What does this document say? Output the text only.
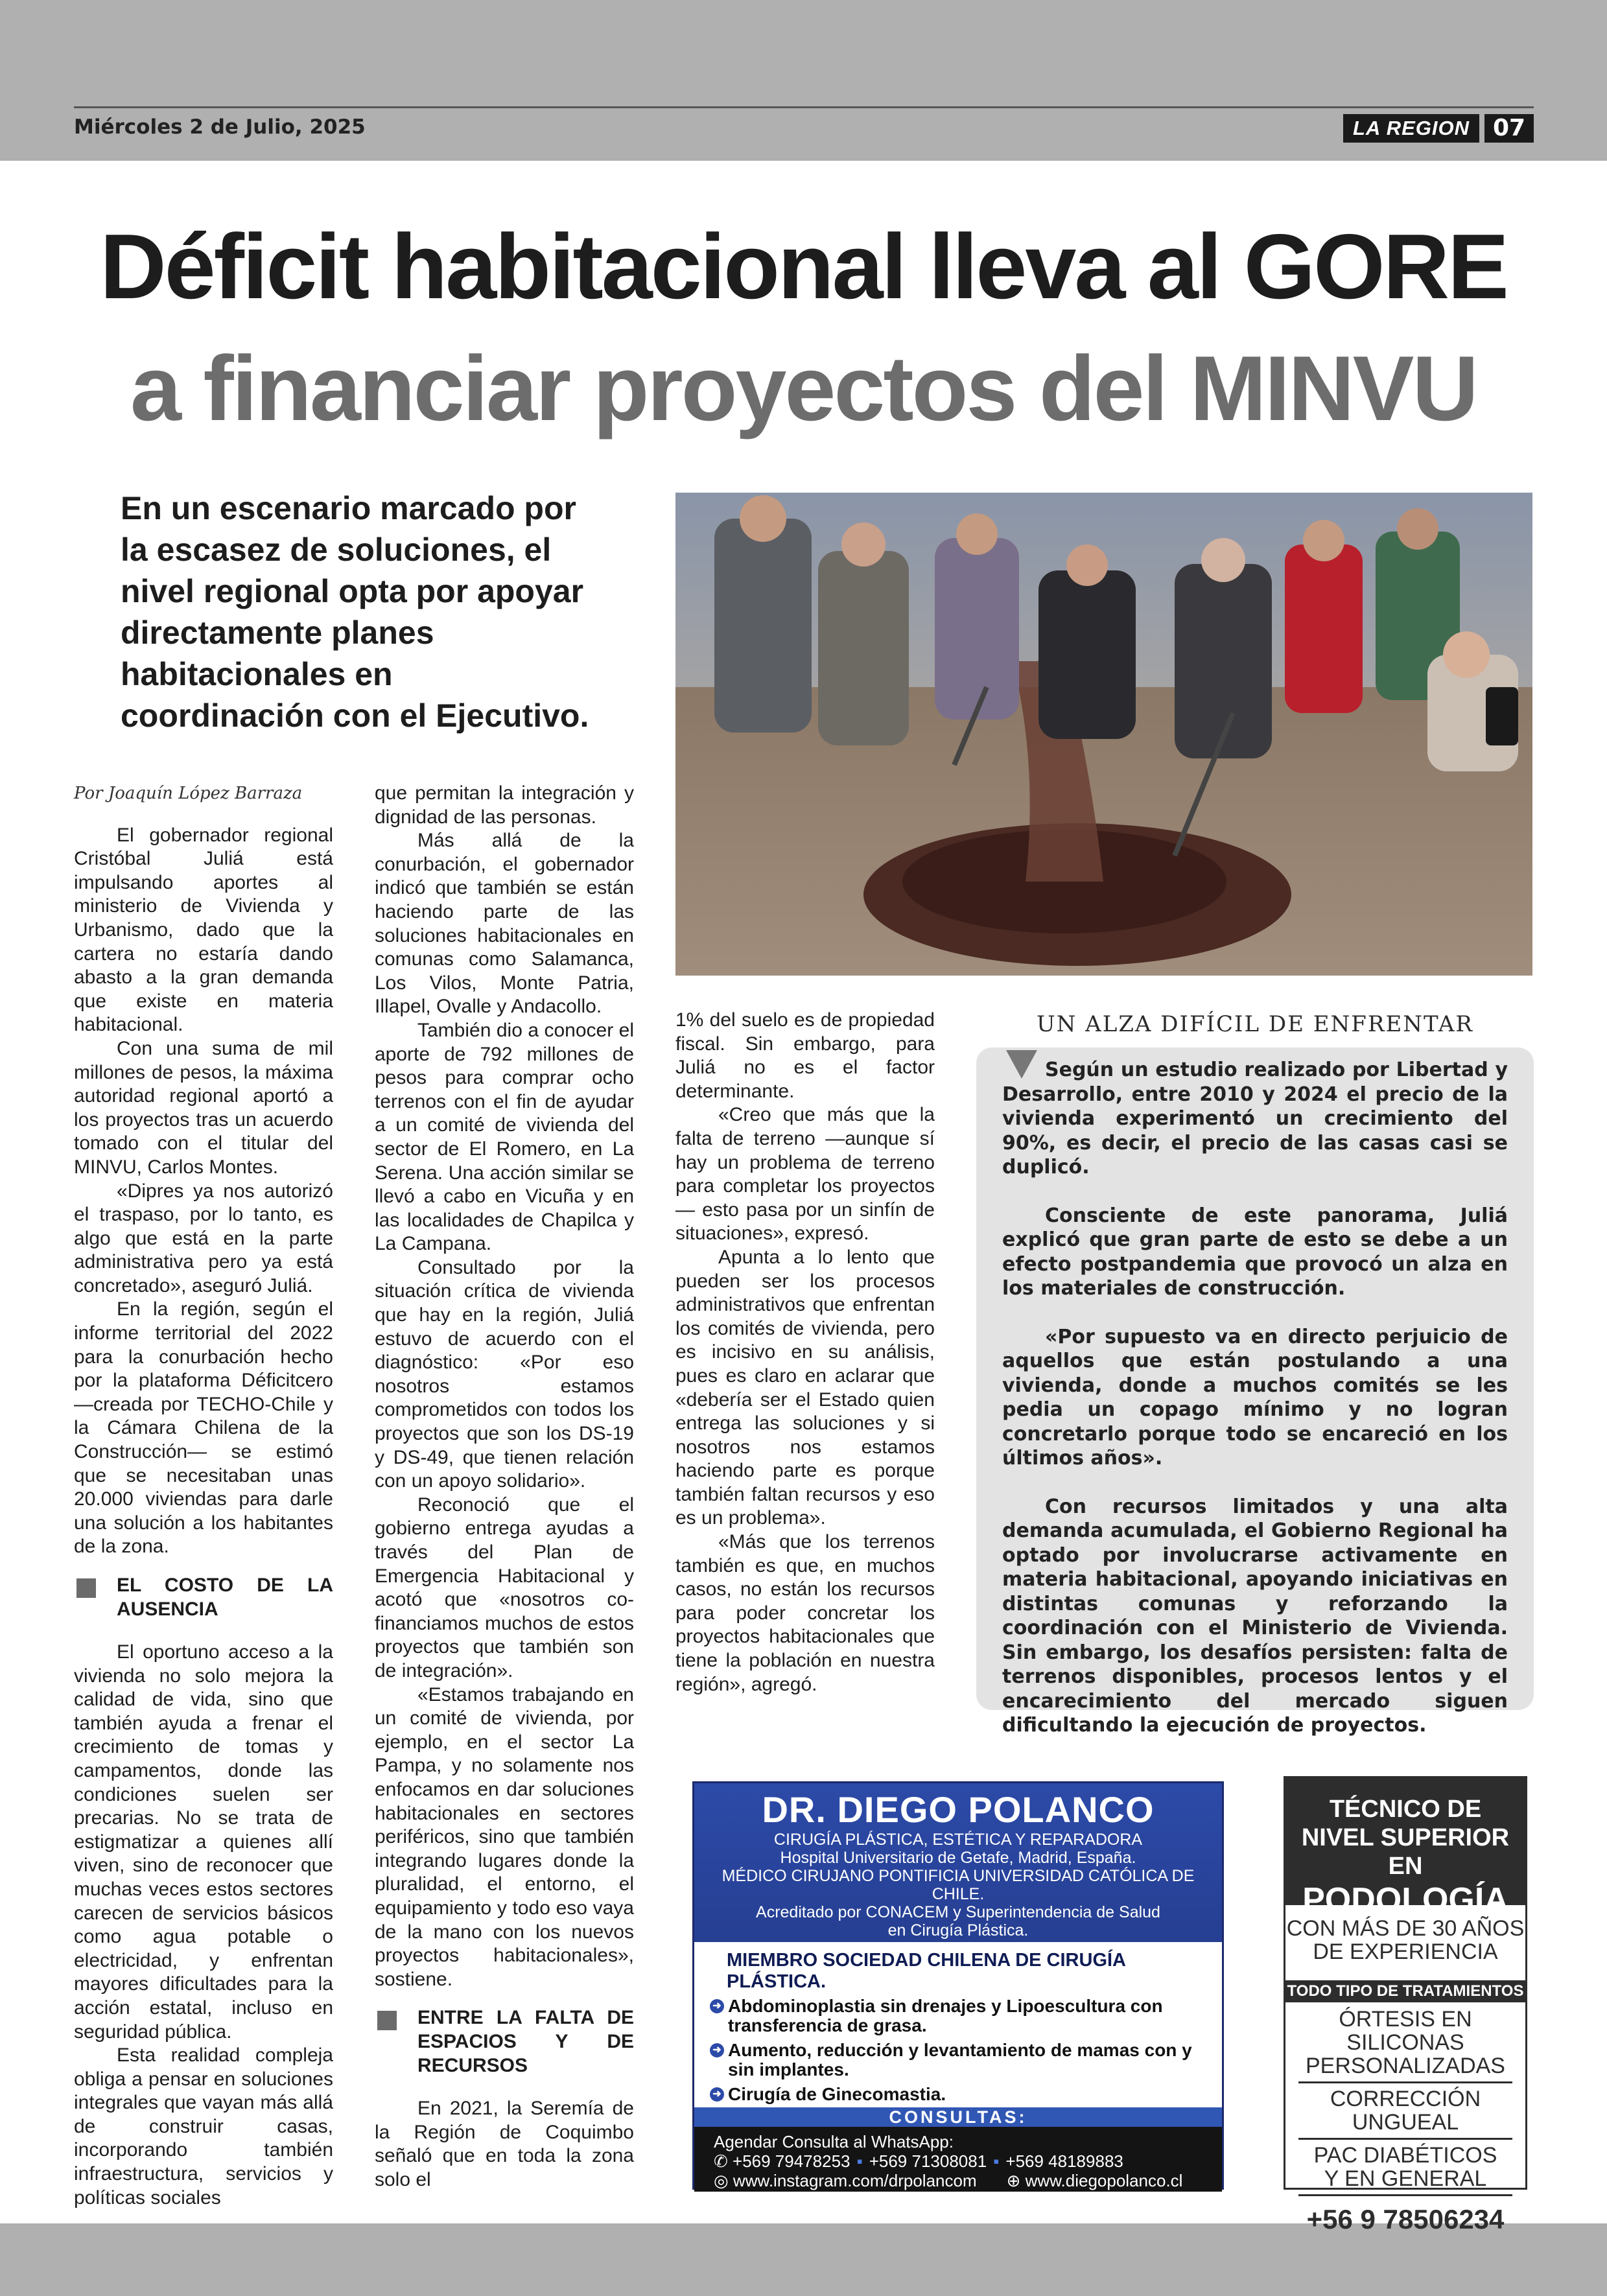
Miércoles 2 de Julio, 2025	LA REGION 07
Déficit habitacional lleva al GORE
a financiar proyectos del MINVU
En un escenario marcado por la escasez de soluciones, el nivel regional opta por apoyar directamente planes habitacionales en coordinación con el Ejecutivo.

Por Joaquín López Barraza

El gobernador regional Cristóbal Juliá está impulsando aportes al ministerio de Vivienda y Urbanismo, dado que la cartera no estaría dando abasto a la gran demanda que existe en materia habitacional.

Con una suma de mil millones de pesos, la máxima autoridad regional aportó a los proyectos tras un acuerdo tomado con el titular del MINVU, Carlos Montes.

«Dipres ya nos autorizó el traspaso, por lo tanto, es algo que está en la parte administrativa pero ya está concretado», aseguró Juliá.

En la región, según el informe territorial del 2022 para la conurbación hecho por la plataforma Déficitcero —creada por TECHO-Chile y la Cámara Chilena de la Construcción— se estimó que se necesitaban unas 20.000 viviendas para darle una solución a los habitantes de la zona.

EL COSTO DE LA AUSENCIA

El oportuno acceso a la vivienda no solo mejora la calidad de vida, sino que también ayuda a frenar el crecimiento de tomas y campamentos, donde las condiciones suelen ser precarias. No se trata de estigmatizar a quienes allí viven, sino de reconocer que muchas veces estos sectores carecen de servicios básicos como agua potable o electricidad, y enfrentan mayores dificultades para la acción estatal, incluso en seguridad pública.

Esta realidad compleja obliga a pensar en soluciones integrales que vayan más allá de construir casas, incorporando también infraestructura, servicios y políticas sociales

que permitan la integración y dignidad de las personas.

Más allá de la conurbación, el gobernador indicó que también se están haciendo parte de las soluciones habitacionales en comunas como Salamanca, Los Vilos, Monte Patria, Illapel, Ovalle y Andacollo.

También dio a conocer el aporte de 792 millones de pesos para comprar ocho terrenos con el fin de ayudar a un comité de vivienda del sector de El Romero, en La Serena. Una acción similar se llevó a cabo en Vicuña y en las localidades de Chapilca y La Campana.

Consultado por la situación crítica de vivienda que hay en la región, Juliá estuvo de acuerdo con el diagnóstico: «Por eso nosotros estamos comprometidos con todos los proyectos que son los DS-19 y DS-49, que tienen relación con un apoyo solidario».

Reconoció que el gobierno entrega ayudas a través del Plan de Emergencia Habitacional y acotó que «nosotros co-financiamos muchos de estos proyectos que también son de integración».

«Estamos trabajando en un comité de vivienda, por ejemplo, en el sector La Pampa, y no solamente nos enfocamos en dar soluciones habitacionales en sectores periféricos, sino que también integrando lugares donde la pluralidad, el entorno, el equipamiento y todo eso vaya de la mano con los nuevos proyectos habitacionales», sostiene.

ENTRE LA FALTA DE ESPACIOS Y DE RECURSOS

En 2021, la Seremía de la Región de Coquimbo señaló que en toda la zona solo el

1% del suelo es de propiedad fiscal. Sin embargo, para Juliá no es el factor determinante.

«Creo que más que la falta de terreno —aunque sí hay un problema de terreno para completar los proyectos— esto pasa por un sinfín de situaciones», expresó.

Apunta a lo lento que pueden ser los procesos administrativos que enfrentan los comités de vivienda, pero es incisivo en su análisis, pues es claro en aclarar que «debería ser el Estado quien entrega las soluciones y si nosotros nos estamos haciendo parte es porque también faltan recursos y eso es un problema».

«Más que los terrenos también es que, en muchos casos, no están los recursos para poder concretar los proyectos habitacionales que tiene la población en nuestra región», agregó.

UN ALZA DIFÍCIL DE ENFRENTAR

Según un estudio realizado por Libertad y Desarrollo, entre 2010 y 2024 el precio de la vivienda experimentó un crecimiento del 90%, es decir, el precio de las casas casi se duplicó.

Consciente de este panorama, Juliá explicó que gran parte de esto se debe a un efecto postpandemia que provocó un alza en los materiales de construcción.

«Por supuesto va en directo perjuicio de aquellos que están postulando a una vivienda, donde a muchos comités se les pedia un copago mínimo y no logran concretarlo porque todo se encareció en los últimos años».

Con recursos limitados y una alta demanda acumulada, el Gobierno Regional ha optado por involucrarse activamente en materia habitacional, apoyando iniciativas en distintas comunas y reforzando la coordinación con el Ministerio de Vivienda. Sin embargo, los desafíos persisten: falta de terrenos disponibles, procesos lentos y el encarecimiento del mercado siguen dificultando la ejecución de proyectos.

DR. DIEGO POLANCO
CIRUGÍA PLÁSTICA, ESTÉTICA Y REPARADORA
Hospital Universitario de Getafe, Madrid, España.
MÉDICO CIRUJANO PONTIFICIA UNIVERSIDAD CATÓLICA DE CHILE.
Acreditado por CONACEM y Superintendencia de Salud
en Cirugía Plástica.
MIEMBRO SOCIEDAD CHILENA DE CIRUGÍA PLÁSTICA.
➜ Abdominoplastia sin drenajes y Lipoescultura con transferencia de grasa.
➜ Aumento, reducción y levantamiento de mamas con y sin implantes.
➜ Cirugía de Ginecomastia.
CONSULTAS:
Agendar Consulta al WhatsApp:
✆ +569 79478253 ▪ +569 71308081 ▪ +569 48189883
◎ www.instagram.com/drpolancom ⊕ www.diegopolanco.cl
TÉCNICO DE
NIVEL SUPERIOR EN
PODOLOGÍA
CON MÁS DE 30 AÑOS
DE EXPERIENCIA
TODO TIPO DE TRATAMIENTOS
ÓRTESIS EN SILICONAS
PERSONALIZADAS
CORRECCIÓN UNGUEAL
PAC DIABÉTICOS
Y EN GENERAL
+56 9 78506234
